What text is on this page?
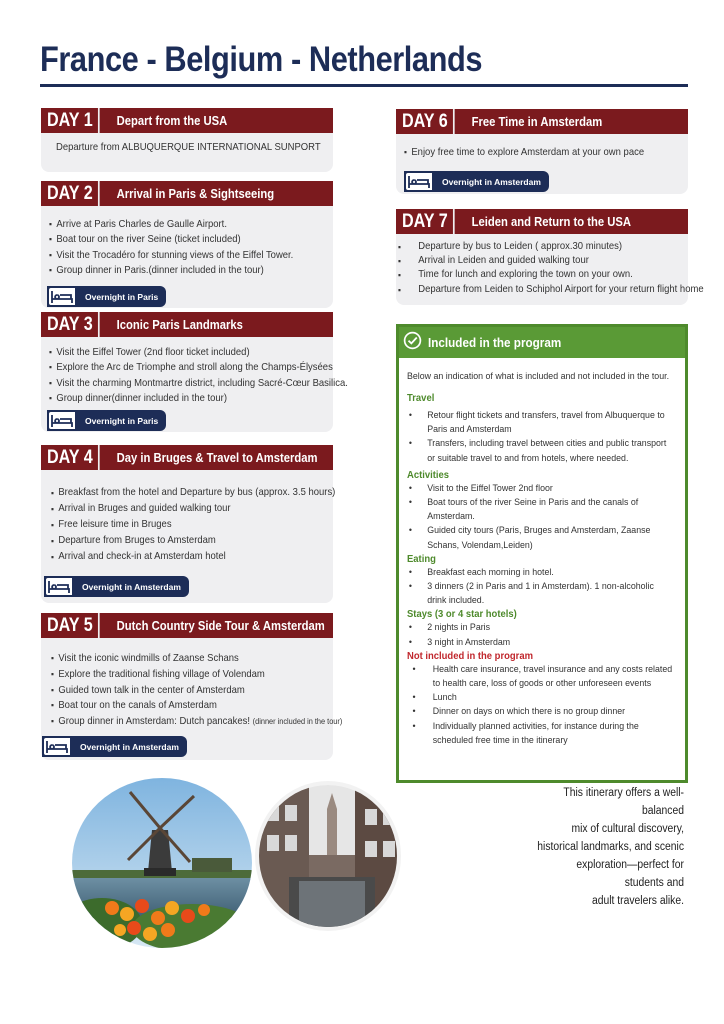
France - Belgium - Netherlands
DAY 1	Depart from the USA
Departure from ALBUQUERQUE INTERNATIONAL SUNPORT
DAY 2	Arrival in Paris & Sightseeing
▪ Arrive at Paris Charles de Gaulle Airport.
▪ Boat tour on the river Seine (ticket included)
▪ Visit the Trocadéro for stunning views of the Eiffel Tower.
▪ Group dinner in Paris.(dinner included in the tour)
Overnight in Paris
DAY 3	Iconic Paris Landmarks
▪ Visit the Eiffel Tower (2nd floor ticket included)
▪ Explore the Arc de Triomphe and stroll along the Champs-Élysées
▪ Visit the charming Montmartre district, including Sacré-Cœur Basilica.
▪ Group dinner(dinner included in the tour)
Overnight in Paris
DAY 4	Day in Bruges & Travel to Amsterdam
▪ Breakfast from the hotel and Departure by bus (approx. 3.5 hours)
▪ Arrival in Bruges and guided walking tour
▪ Free leisure time in Bruges
▪ Departure from Bruges to Amsterdam
▪ Arrival and check-in at Amsterdam hotel
Overnight in Amsterdam
DAY 5	Dutch Country Side Tour & Amsterdam
▪ Visit the iconic windmills of Zaanse Schans
▪ Explore the traditional fishing village of Volendam
▪ Guided town talk in the center of Amsterdam
▪ Boat tour on the canals of Amsterdam
▪ Group dinner in Amsterdam: Dutch pancakes! (dinner included in the tour)
Overnight in Amsterdam
DAY 6	Free Time in Amsterdam
▪ Enjoy free time to explore Amsterdam at your own pace
Overnight in Amsterdam
DAY 7	Leiden and Return to the USA
▪ Departure by bus to Leiden ( approx.30 minutes)
▪ Arrival in Leiden and guided walking tour
▪ Time for lunch and exploring the town on your own.
▪ Departure from Leiden to Schiphol Airport for your return flight home
Included in the program
Below an indication of what is included and not included in the tour.
Travel
• Retour flight tickets and transfers, travel from Albuquerque to Paris and Amsterdam
• Transfers, including travel between cities and public transport or suitable travel to and from hotels, where needed.
Activities
• Visit to the Eiffel Tower 2nd floor
• Boat tours of the river Seine in Paris and the canals of Amsterdam.
• Guided city tours (Paris, Bruges and Amsterdam, Zaanse Schans, Volendam,Leiden)
Eating
• Breakfast each morning in hotel.
• 3 dinners (2 in Paris and 1 in Amsterdam). 1 non-alcoholic drink included.
Stays (3 or 4 star hotels)
• 2 nights in Paris
• 3 night in Amsterdam
Not included in the program
• Health care insurance, travel insurance and any costs related to health care, loss of goods or other unforeseen events
• Lunch
• Dinner on days on which there is no group dinner
• Individually planned activities, for instance during the scheduled free time in the itinerary
This itinerary offers a well-balanced
mix of cultural discovery,
historical landmarks, and scenic
exploration—perfect for
students and
adult travelers alike.
